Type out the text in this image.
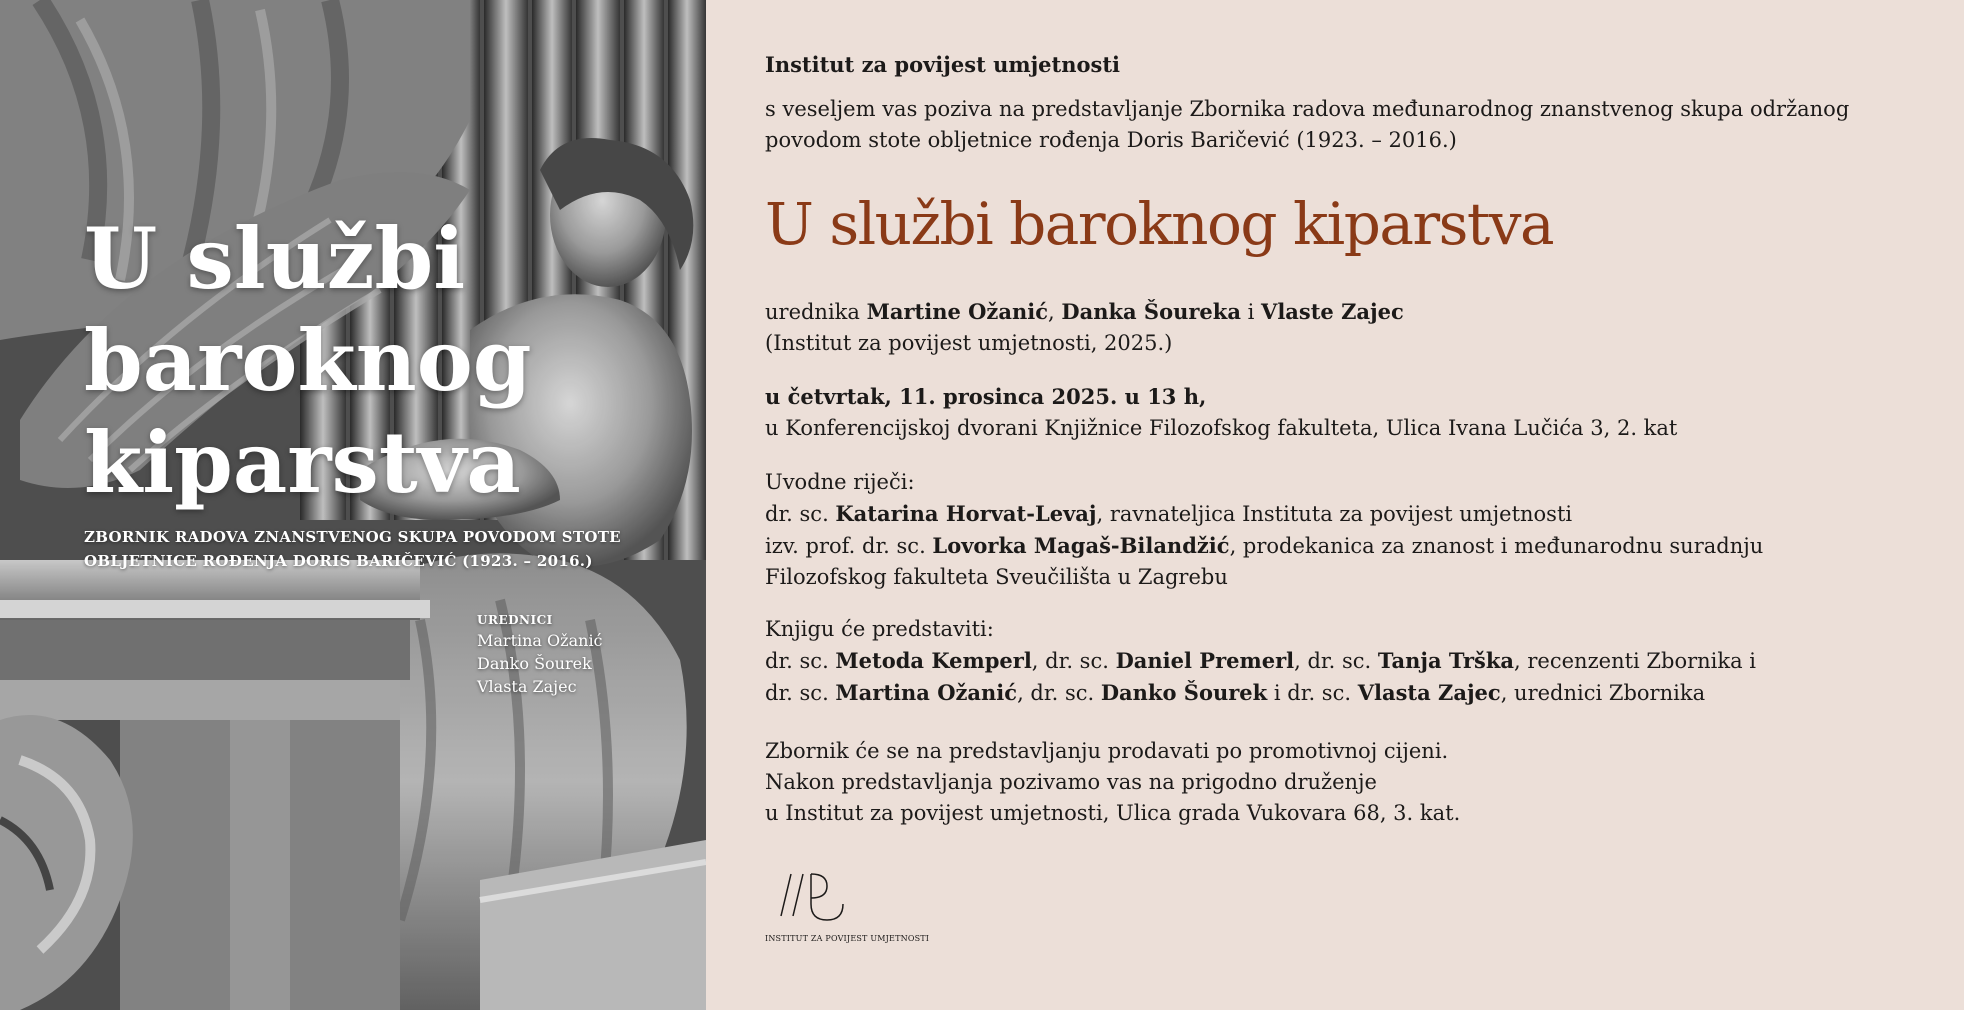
U službi
baroknog
kiparstva
ZBORNIK RADOVA ZNANSTVENOG SKUPA POVODOM STOTE
OBLJETNICE ROĐENJA DORIS BARIČEVIĆ (1923. – 2016.)
UREDNICI
Martina Ožanić
Danko Šourek
Vlasta Zajec

Institut za povijest umjetnosti

s veseljem vas poziva na predstavljanje Zbornika radova međunarodnog znanstvenog skupa održanog
povodom stote obljetnice rođenja Doris Baričević (1923. – 2016.)

U službi baroknog kiparstva
urednika Martine Ožanić, Danka Šoureka i Vlaste Zajec
(Institut za povijest umjetnosti, 2025.)
u četvrtak, 11. prosinca 2025. u 13 h,
u Konferencijskoj dvorani Knjižnice Filozofskog fakulteta, Ulica Ivana Lučića 3, 2. kat
Uvodne riječi:
dr. sc. Katarina Horvat-Levaj, ravnateljica Instituta za povijest umjetnosti
izv. prof. dr. sc. Lovorka Magaš-Bilandžić, prodekanica za znanost i međunarodnu suradnju
Filozofskog fakulteta Sveučilišta u Zagrebu
Knjigu će predstaviti:
dr. sc. Metoda Kemperl, dr. sc. Daniel Premerl, dr. sc. Tanja Trška, recenzenti Zbornika i
dr. sc. Martina Ožanić, dr. sc. Danko Šourek i dr. sc. Vlasta Zajec, urednici Zbornika
Zbornik će se na predstavljanju prodavati po promotivnoj cijeni.
Nakon predstavljanja pozivamo vas na prigodno druženje
u Institut za povijest umjetnosti, Ulica grada Vukovara 68, 3. kat.
INSTITUT ZA POVIJEST UMJETNOSTI
